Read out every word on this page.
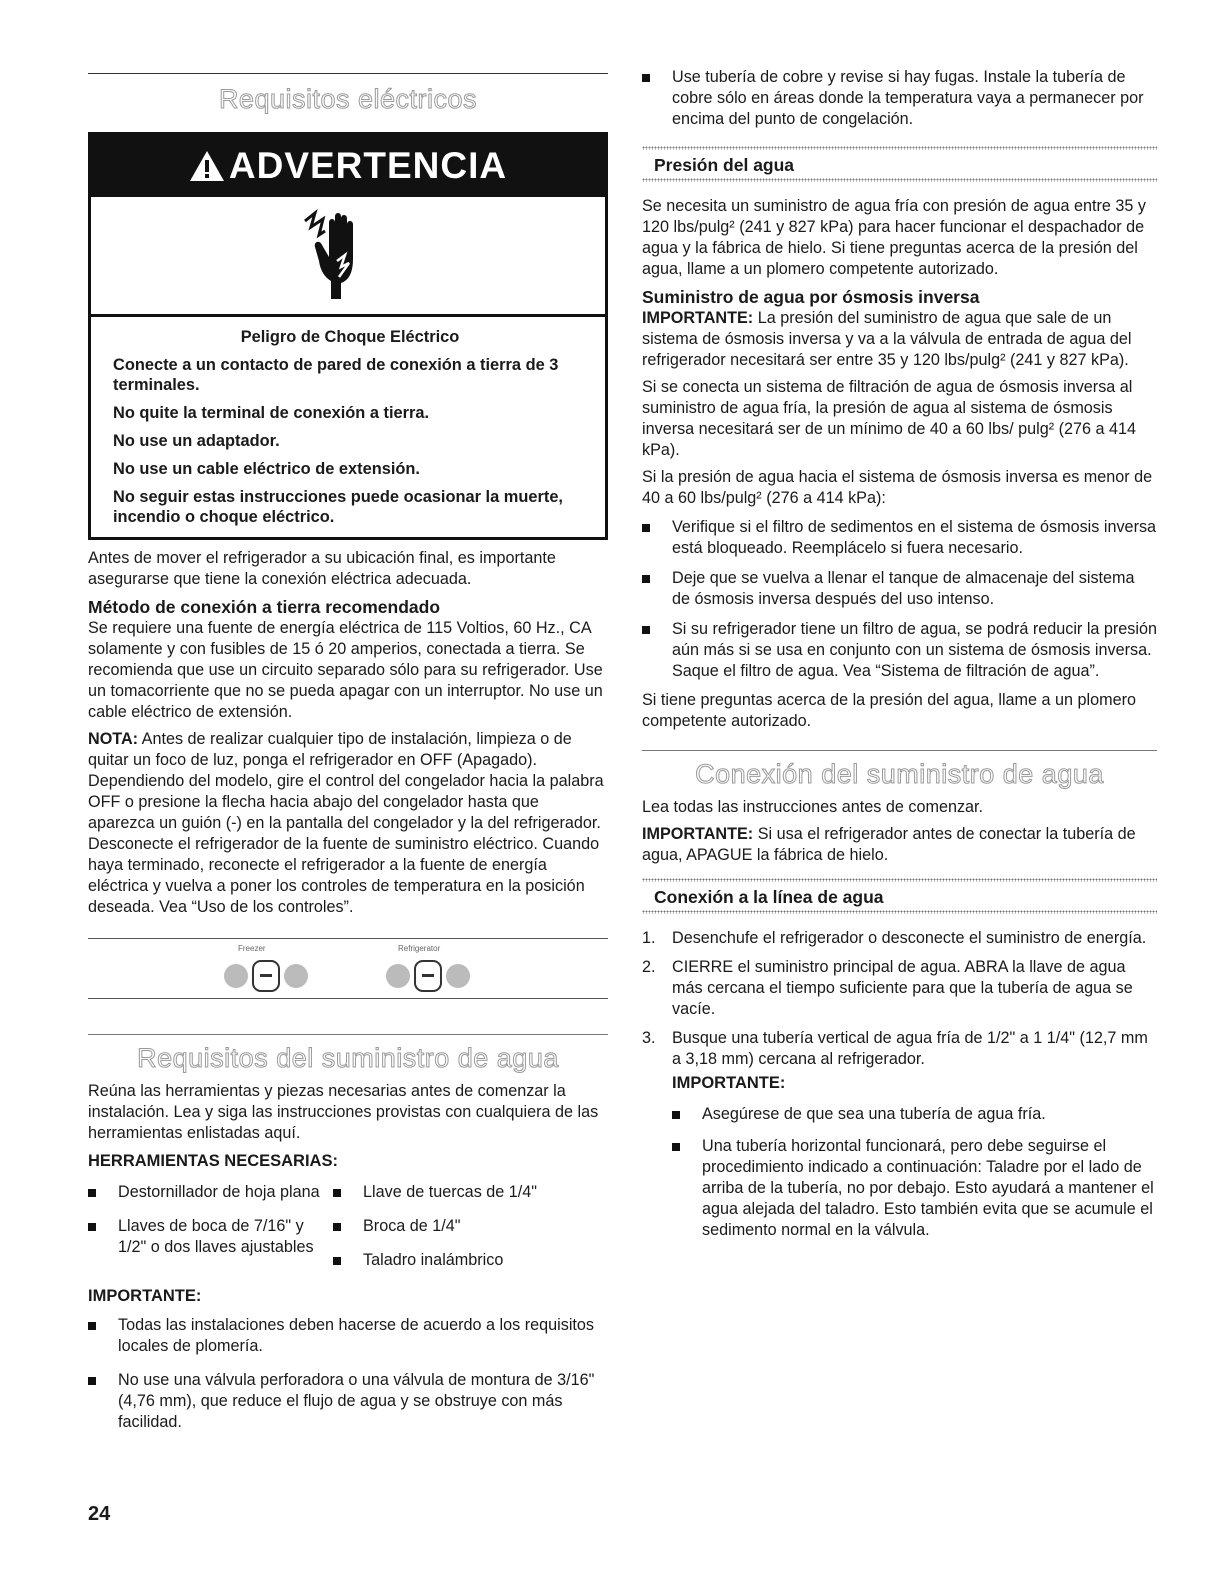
Requisitos eléctricos
ADVERTENCIA

Peligro de Choque Eléctrico

Conecte a un contacto de pared de conexión a tierra de 3 terminales.

No quite la terminal de conexión a tierra.

No use un adaptador.

No use un cable eléctrico de extensión.

No seguir estas instrucciones puede ocasionar la muerte, incendio o choque eléctrico.

Antes de mover el refrigerador a su ubicación final, es importante asegurarse que tiene la conexión eléctrica adecuada.

Método de conexión a tierra recomendado

Se requiere una fuente de energía eléctrica de 115 Voltios, 60 Hz., CA solamente y con fusibles de 15 ó 20 amperios, conectada a tierra. Se recomienda que use un circuito separado sólo para su refrigerador. Use un tomacorriente que no se pueda apagar con un interruptor. No use un cable eléctrico de extensión.

NOTA: Antes de realizar cualquier tipo de instalación, limpieza o de quitar un foco de luz, ponga el refrigerador en OFF (Apagado). Dependiendo del modelo, gire el control del congelador hacia la palabra OFF o presione la flecha hacia abajo del congelador hasta que aparezca un guión (-) en la pantalla del congelador y la del refrigerador. Desconecte el refrigerador de la fuente de suministro eléctrico. Cuando haya terminado, reconecte el refrigerador a la fuente de energía eléctrica y vuelva a poner los controles de temperatura en la posición deseada. Vea “Uso de los controles”.

Freezer	Refrigerator
Requisitos del suministro de agua

Reúna las herramientas y piezas necesarias antes de comenzar la instalación. Lea y siga las instrucciones provistas con cualquiera de las herramientas enlistadas aquí.

HERRAMIENTAS NECESARIAS:
Destornillador de hoja plana
Llaves de boca de 7/16" y 1/2" o dos llaves ajustables
Llave de tuercas de 1/4"
Broca de 1/4"
Taladro inalámbrico
IMPORTANTE:
Todas las instalaciones deben hacerse de acuerdo a los requisitos locales de plomería.
No use una válvula perforadora o una válvula de montura de 3/16" (4,76 mm), que reduce el flujo de agua y se obstruye con más facilidad.
24
Use tubería de cobre y revise si hay fugas. Instale la tubería de cobre sólo en áreas donde la temperatura vaya a permanecer por encima del punto de congelación.
Presión del agua

Se necesita un suministro de agua fría con presión de agua entre 35 y 120 lbs/pulg² (241 y 827 kPa) para hacer funcionar el despachador de agua y la fábrica de hielo. Si tiene preguntas acerca de la presión del agua, llame a un plomero competente autorizado.

Suministro de agua por ósmosis inversa

IMPORTANTE: La presión del suministro de agua que sale de un sistema de ósmosis inversa y va a la válvula de entrada de agua del refrigerador necesitará ser entre 35 y 120 lbs/pulg² (241 y 827 kPa).

Si se conecta un sistema de filtración de agua de ósmosis inversa al suministro de agua fría, la presión de agua al sistema de ósmosis inversa necesitará ser de un mínimo de 40 a 60 lbs/ pulg² (276 a 414 kPa).

Si la presión de agua hacia el sistema de ósmosis inversa es menor de 40 a 60 lbs/pulg² (276 a 414 kPa):

Verifique si el filtro de sedimentos en el sistema de ósmosis inversa está bloqueado. Reemplácelo si fuera necesario.
Deje que se vuelva a llenar el tanque de almacenaje del sistema de ósmosis inversa después del uso intenso.
Si su refrigerador tiene un filtro de agua, se podrá reducir la presión aún más si se usa en conjunto con un sistema de ósmosis inversa. Saque el filtro de agua. Vea “Sistema de filtración de agua”.

Si tiene preguntas acerca de la presión del agua, llame a un plomero competente autorizado.

Conexión del suministro de agua

Lea todas las instrucciones antes de comenzar.

IMPORTANTE: Si usa el refrigerador antes de conectar la tubería de agua, APAGUE la fábrica de hielo.

Conexión a la línea de agua
1.	Desenchufe el refrigerador o desconecte el suministro de energía.
2.	CIERRE el suministro principal de agua. ABRA la llave de agua más cercana el tiempo suficiente para que la tubería de agua se vacíe.
3.	Busque una tubería vertical de agua fría de 1/2" a 1 1/4" (12,7 mm a 3,18 mm) cercana al refrigerador.
IMPORTANTE:
Asegúrese de que sea una tubería de agua fría.
Una tubería horizontal funcionará, pero debe seguirse el procedimiento indicado a continuación: Taladre por el lado de arriba de la tubería, no por debajo. Esto ayudará a mantener el agua alejada del taladro. Esto también evita que se acumule el sedimento normal en la válvula.
